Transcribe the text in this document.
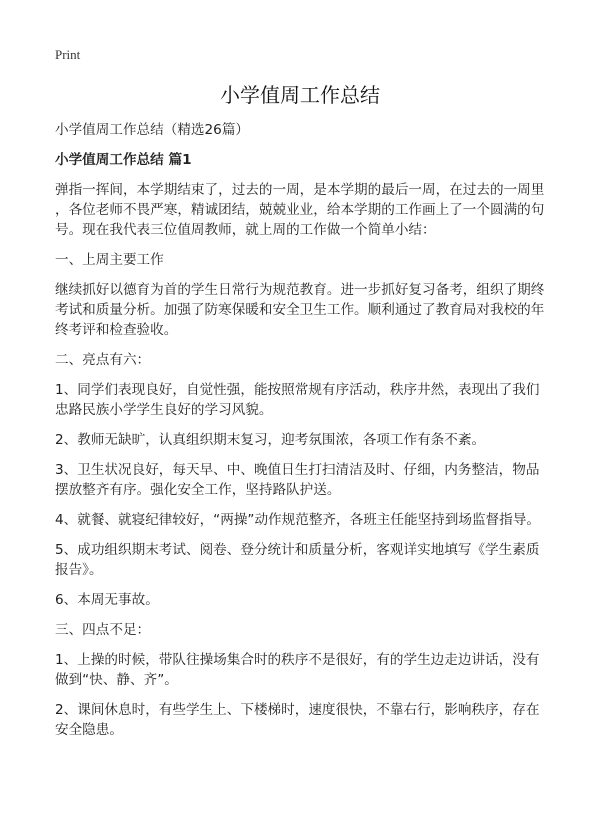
Print
小学值周工作总结

小学值周工作总结（精选26篇）

小学值周工作总结 篇1

弹指一挥间，本学期结束了，过去的一周，是本学期的最后一周，在过去的一周里
，各位老师不畏严寒，精诚团结，兢兢业业，给本学期的工作画上了一个圆满的句
号。现在我代表三位值周教师，就上周的工作做一个简单小结：

一、上周主要工作

继续抓好以德育为首的学生日常行为规范教育。进一步抓好复习备考，组织了期终
考试和质量分析。加强了防寒保暖和安全卫生工作。顺利通过了教育局对我校的年
终考评和检查验收。

二、亮点有六：

1、同学们表现良好，自觉性强，能按照常规有序活动，秩序井然，表现出了我们
忠路民族小学学生良好的学习风貌。

2、教师无缺旷，认真组织期末复习，迎考氛围浓，各项工作有条不紊。

3、卫生状况良好，每天早、中、晚值日生打扫清洁及时、仔细，内务整洁，物品
摆放整齐有序。强化安全工作，坚持路队护送。

4、就餐、就寝纪律较好，“两操”动作规范整齐，各班主任能坚持到场监督指导。

5、成功组织期末考试、阅卷、登分统计和质量分析，客观详实地填写《学生素质
报告》。

6、本周无事故。

三、四点不足：

1、上操的时候，带队往操场集合时的秩序不是很好，有的学生边走边讲话，没有
做到“快、静、齐”。

2、课间休息时，有些学生上、下楼梯时，速度很快，不靠右行，影响秩序，存在
安全隐患。
